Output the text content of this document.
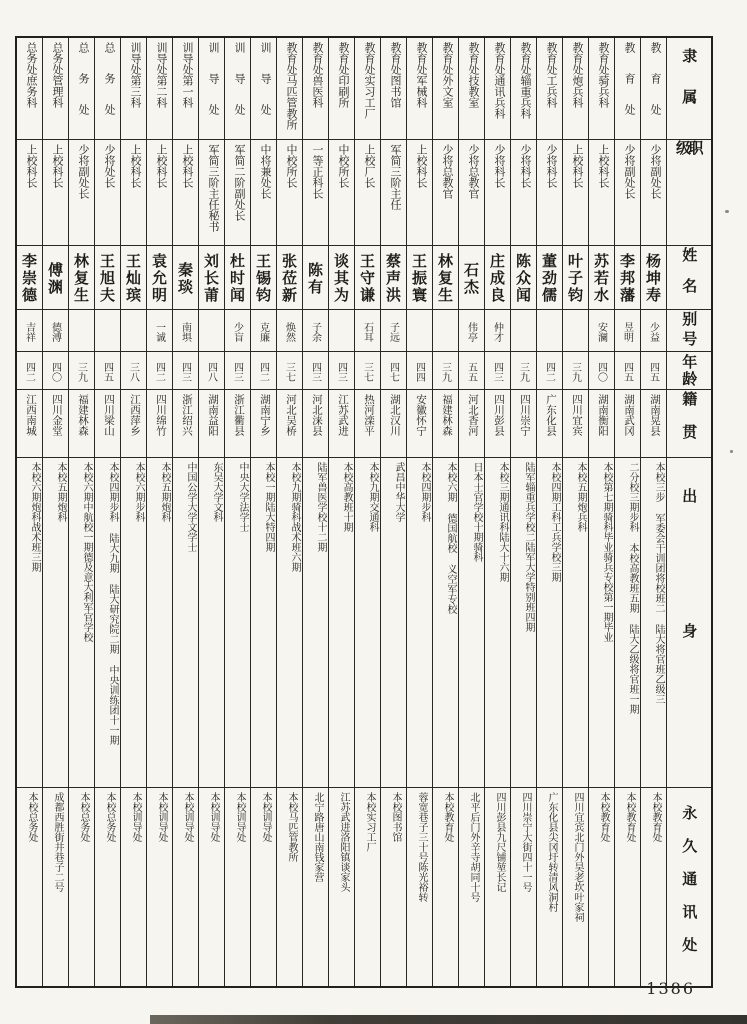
隶属
职级
姓名
别号
年龄
籍贯
出身
永久通讯处
教育处
少将副处长
杨坤寿
少益
四五
湖南晃县
本校三步 军委会干训团将校班二 陆大将官班乙级三
本校教育处
教育处
少将副处长
李邦藩
昱明
四五
湖南武冈
二分校三期步科 本校高教班五期 陆大乙级将官班一期
本校教育处
教育处骑兵科
上校科长
苏若水
安澜
四〇
湖南衡阳
本校第七期骑科毕业骑兵专校第一期毕业
本校教育处
教育处炮兵科
上校科长
叶子钧
三九
四川宜宾
本校五期炮兵科
四川宜宾北门外昊老坎叶家祠
教育处工兵科
少将科长
董劲儒
四二
广东化县
本校四期工科工兵学校三期
广东化县尖冈圩转清风洞村
教育处辎重兵科
少将科长
陈众闻
三九
四川崇宁
陆军辎重兵学校二陆军大学特别班四期
四川崇宁大街四十一号
教育处通讯兵科
少将科长
庄成良
仲才
四三
四川彭县
本校三期通讯科陆大十六期
四川彭县九尺铺堃长记
教育处技教室
少将总教官
石杰
伟亭
五五
河北香河
日本士官学校十期骑科
北平后门外辛寺胡同十号
教育处外文室
少将总教官
林复生
三九
福建林森
本校六期 德国航校 义空军专校
本校教育处
教育处军械科
上校科长
王振寰
四四
安徽怀宁
本校四期步科
蓉宽巷子三十号陈光裕转
教育处图书馆
军简三阶主任
蔡声洪
子远
四七
湖北汉川
武昌中华大学
本校图书馆
教育处实习工厂
上校厂长
王守谦
石耳
三七
热河滦平
本校九期交通科
本校实习工厂
教育处印刷所
中校所长
谈其为
四三
江苏武进
本校高教班十期
江苏武进洛阳镇谈家头
教育处兽医科
一等正科长
陈有
子余
四三
河北涞县
陆军兽医学校十二期
北宁路唐山南钱家营
教育处马匹管教所
中校所长
张莅新
焕然
三七
河北吴桥
本校九期骑科战术班六期
本校马匹管教所
训导处
中将兼处长
王锡钧
克廉
四二
湖南宁乡
本校一期陆大特四期
本校训导处
训导处
军简二阶副处长
杜时闻
少盲
四三
浙江衢县
中央大学法学士
本校训导处
训导处
军简三阶主任秘书
刘长莆
四八
湖南益阳
东吴大学文科
本校训导处
训导处第一科
上校科长
秦琰
南埧
四三
浙江绍兴
中国公学大学文学士
本校训导处
训导处第二科
上校科长
袁允明
一诚
四二
四川绵竹
本校五期炮科
本校训导处
训导处第三科
上校科长
王灿瑸
三八
江西萍乡
本校六期步科
本校训导处
总务处
少将处长
王旭夫
四五
四川梁山
本校四期步科 陆大九期 陆大研究院二期 中央训练团十一期
本校总务处
总务处
少将副处长
林复生
三九
福建林森
本校六期中航校一期德及意大利军官学校
本校总务处
总务处管理科
上校科长
傅渊
德溥
四〇
四川金堂
本校五期炮科
成都西胜街井巷子二号
总务处庶务科
上校科长
李崇德
吉祥
四二
江西南城
本校六期炮科战术班三期
本校总务处
1386
